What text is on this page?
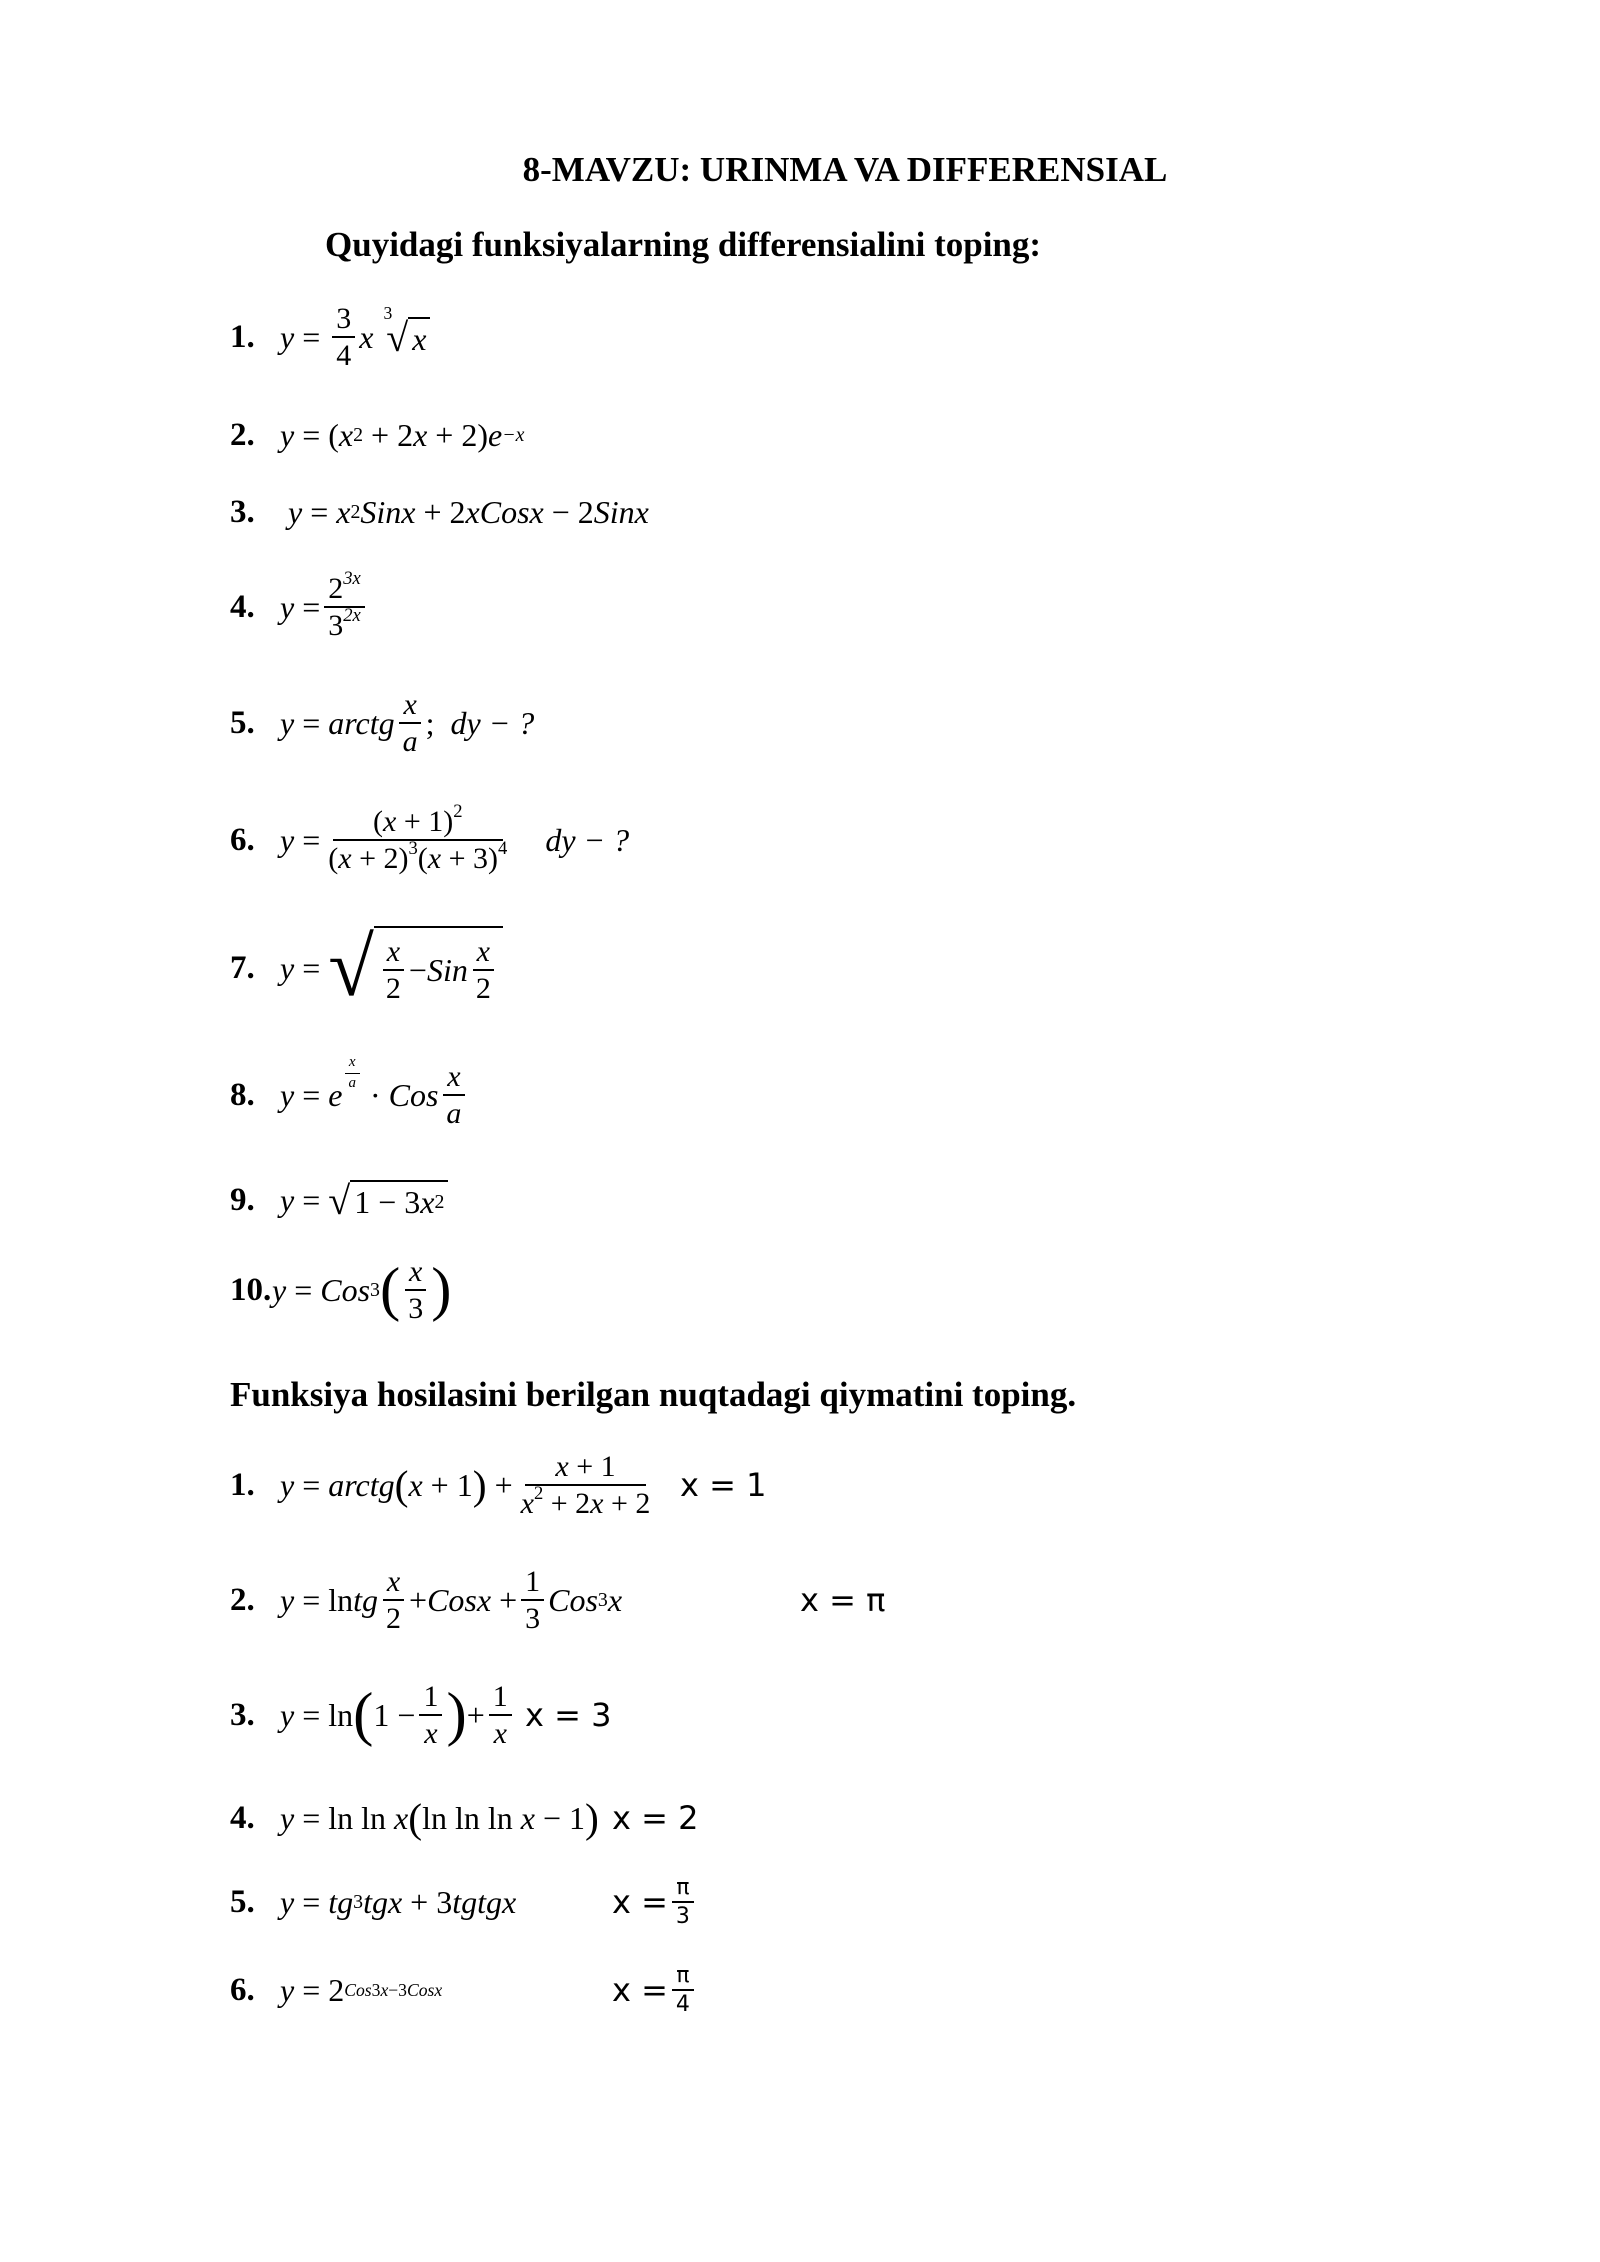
8-MAVZU: URINMA VA DIFFERENSIAL
Quyidagi funksiyalarning differensialini toping:
1. $y = \frac{3}{4}$ x
3
√ x
2. y = ( x 2 + 2 x + 2) e −x
3. y = x 2 Sinx + 2 xCosx − 2 Sinx
4. $y = \frac{2^{3x}}{3^{2x}}$
5. y = arctg $\frac{x}{a}$ ; dy − ?
6. $y = \frac{(x + 1)^2}{(x + 2)^3(x + 3)^4}$ dy − ?
7. y = √ $\frac{x}{2}$ − Sin $\frac{x}{2}$
8. y = e
$\frac{x}{a}$
· Cos $\frac{x}{a}$
9. y = √ 1 − 3 x 2
10. y = Cos 3 ( $\frac{x}{3}$ )
Funksiya hosilasini berilgan nuqtadagi qiymatini toping.
1. y = arctg ( x + 1 ) + $\frac{x + 1}{x^2 + 2x + 2}$ x = 1
2. y = ln tg $\frac{x}{2}$ + Cosx + $\frac{1}{3}$ Cos 3 x	x = π
3. y = ln ( $1 - \frac{1}{x}$ ) + $\frac{1}{x}$ x = 3
4. y = ln ln x ( ln ln ln x − 1 ) x = 2
5. y = tg 3 tgx + 3 tgtgx	$x = \frac{\pi}{3}$
6. y = 2 Cos3x−3Cosx	$x = \frac{\pi}{4}$
